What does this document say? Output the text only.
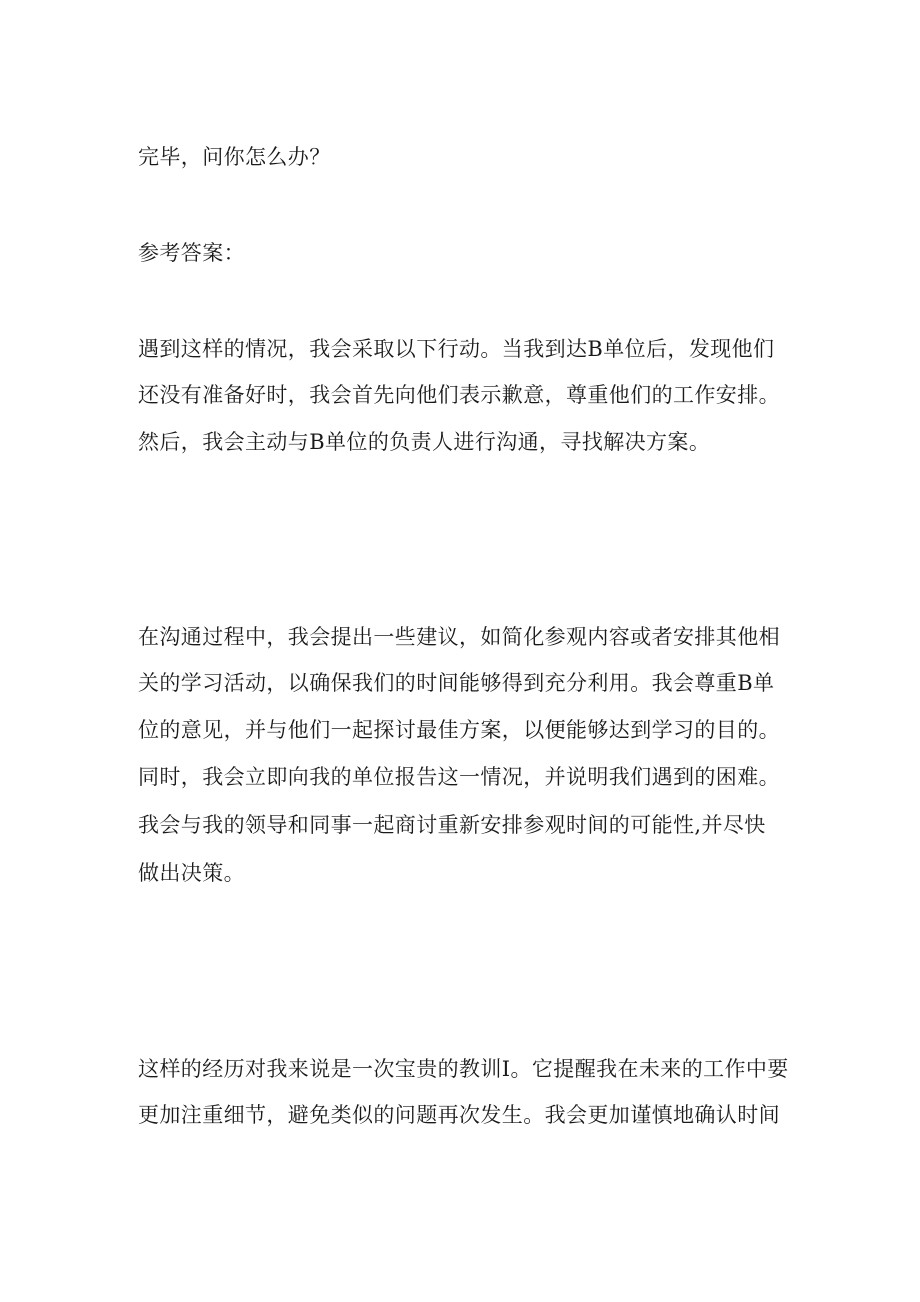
完毕，问你怎么办？

参考答案：

遇到这样的情况，我会采取以下行动。当我到达B单位后，发现他们

还没有准备好时，我会首先向他们表示歉意，尊重他们的工作安排。

然后，我会主动与B单位的负责人进行沟通，寻找解决方案。

在沟通过程中，我会提出一些建议，如简化参观内容或者安排其他相

关的学习活动，以确保我们的时间能够得到充分利用。我会尊重B单

位的意见，并与他们一起探讨最佳方案，以便能够达到学习的目的。

同时，我会立即向我的单位报告这一情况，并说明我们遇到的困难。

我会与我的领导和同事一起商讨重新安排参观时间的可能性,并尽快

做出决策。

这样的经历对我来说是一次宝贵的教训I。它提醒我在未来的工作中要

更加注重细节，避免类似的问题再次发生。我会更加谨慎地确认时间
